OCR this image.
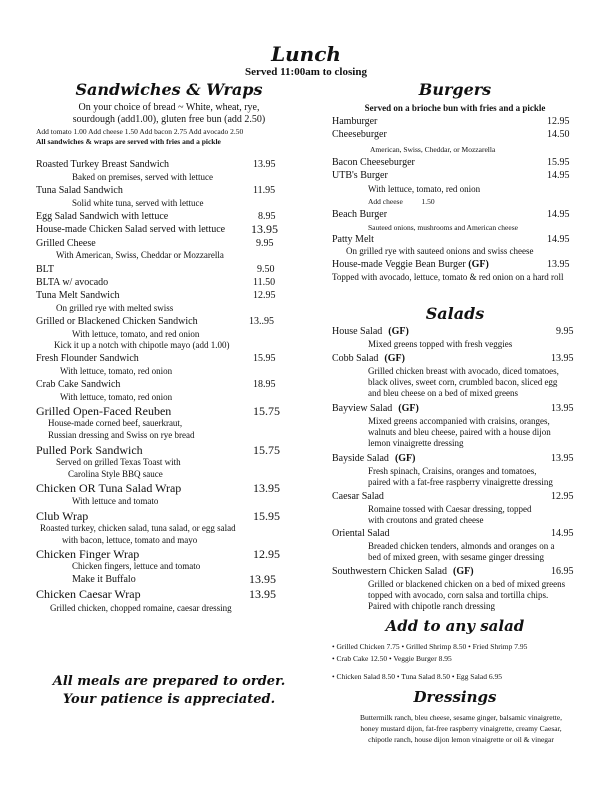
Lunch
Served 11:00am to closing
Sandwiches & Wraps
On your choice of bread ~ White, wheat, rye,
sourdough (add1.00), gluten free bun (add 2.50)
Add tomato 1.00 Add cheese 1.50 Add bacon 2.75 Add avocado 2.50
All sandwiches & wraps are served with fries and a pickle
Roasted Turkey Breast Sandwich	13.95
Baked on premises, served with lettuce
Tuna Salad Sandwich	11.95
Solid white tuna, served with lettuce
Egg Salad Sandwich with lettuce	8.95
House-made Chicken Salad served with lettuce 13.95
Grilled Cheese	9.95
With American, Swiss, Cheddar or Mozzarella
BLT	9.50
BLTA w/ avocado	11.50
Tuna Melt Sandwich	12.95
On grilled rye with melted swiss
Grilled or Blackened Chicken Sandwich	13..95
With lettuce, tomato, and red onion
Kick it up a notch with chipotle mayo (add 1.00)
Fresh Flounder Sandwich	15.95
With lettuce, tomato, red onion
Crab Cake Sandwich	18.95
With lettuce, tomato, red onion
Grilled Open-Faced Reuben	15.75
House-made corned beef, sauerkraut,
Russian dressing and Swiss on rye bread
Pulled Pork Sandwich	15.75
Served on grilled Texas Toast with
Carolina Style BBQ sauce
Chicken OR Tuna Salad Wrap	13.95
With lettuce and tomato
Club Wrap	15.95
Roasted turkey, chicken salad, tuna salad, or egg salad
with bacon, lettuce, tomato and mayo
Chicken Finger Wrap	12.95
Chicken fingers, lettuce and tomato
Make it Buffalo	13.95
Chicken Caesar Wrap	13.95
Grilled chicken, chopped romaine, caesar dressing
All meals are prepared to order.
Your patience is appreciated.
Burgers
Served on a brioche bun with fries and a pickle
Hamburger	12.95
Cheeseburger	14.50
American, Swiss, Cheddar, or Mozzarella
Bacon Cheeseburger	15.95
UTB's Burger	14.95
With lettuce, tomato, red onion
Add cheese          1.50
Beach Burger	14.95
Sauteed onions, mushrooms and American cheese
Patty Melt	14.95
On grilled rye with sauteed onions and swiss cheese
House-made Veggie Bean Burger (GF)	13.95
Topped with avocado, lettuce, tomato & red onion on a hard roll
Salads
House Salad (GF)	9.95
Mixed greens topped with fresh veggies
Cobb Salad (GF)	13.95
Grilled chicken breast with avocado, diced tomatoes,
black olives, sweet corn, crumbled bacon, sliced egg
and bleu cheese on a bed of mixed greens
Bayview Salad (GF)	13.95
Mixed greens accompanied with craisins, oranges,
walnuts and bleu cheese, paired with a house dijon
lemon vinaigrette dressing
Bayside Salad (GF)	13.95
Fresh spinach, Craisins, oranges and tomatoes,
paired with a fat-free raspberry vinaigrette dressing
Caesar Salad	12.95
Romaine tossed with Caesar dressing, topped
with croutons and grated cheese
Oriental Salad	14.95
Breaded chicken tenders, almonds and oranges on a
bed of mixed green, with sesame ginger dressing
Southwestern Chicken Salad (GF)	16.95
Grilled or blackened chicken on a bed of mixed greens
topped with avocado, corn salsa and tortilla chips.
Paired with chipotle ranch dressing
Add to any salad
• Grilled Chicken 7.75 • Grilled Shrimp 8.50 • Fried Shrimp 7.95
• Crab Cake 12.50 • Veggie Burger 8.95
• Chicken Salad 8.50 • Tuna Salad 8.50 • Egg Salad 6.95
Dressings
Buttermilk ranch, bleu cheese, sesame ginger, balsamic vinaigrette,
honey mustard dijon, fat-free raspberry vinaigrette, creamy Caesar,
chipotle ranch, house dijon lemon vinaigrette or oil & vinegar
